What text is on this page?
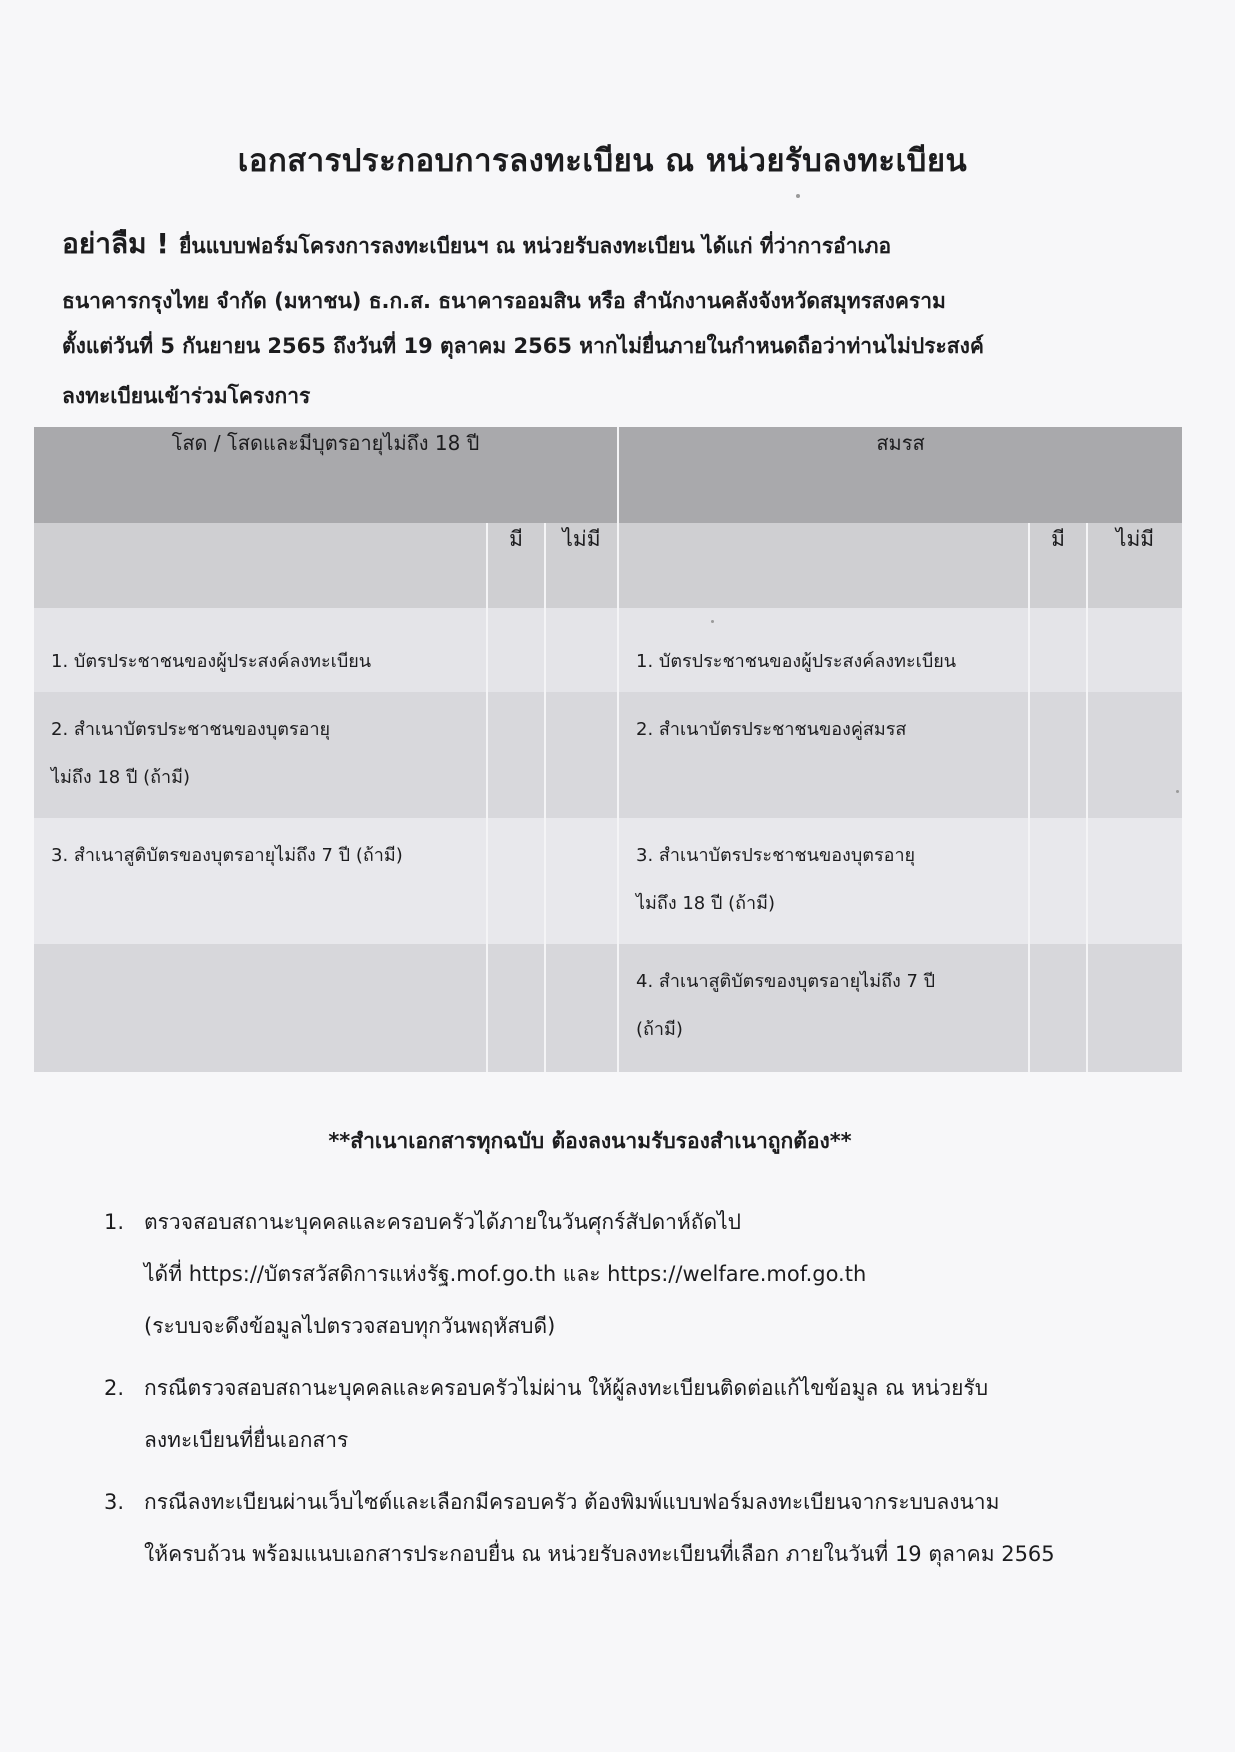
เอกสารประกอบการลงทะเบียน ณ หน่วยรับลงทะเบียน
อย่าลืม ! ยื่นแบบฟอร์มโครงการลงทะเบียนฯ ณ หน่วยรับลงทะเบียน ได้แก่ ที่ว่าการอำเภอ
ธนาคารกรุงไทย จำกัด (มหาชน) ธ.ก.ส. ธนาคารออมสิน หรือ สำนักงานคลังจังหวัดสมุทรสงคราม
ตั้งแต่วันที่ 5 กันยายน 2565 ถึงวันที่ 19 ตุลาคม 2565 หากไม่ยื่นภายในกำหนดถือว่าท่านไม่ประสงค์
ลงทะเบียนเข้าร่วมโครงการ
โสด / โสดและมีบุตรอายุไม่ถึง 18 ปี			สมรส		
	มี	ไม่มี		มี	ไม่มี

1. บัตรประชาชนของผู้ประสงค์ลงทะเบียน			1. บัตรประชาชนของผู้ประสงค์ลงทะเบียน		

2. สำเนาบัตรประชาชนของบุตรอายุ
ไม่ถึง 18 ปี (ถ้ามี)			2. สำเนาบัตรประชาชนของคู่สมรส		

3. สำเนาสูติบัตรของบุตรอายุไม่ถึง 7 ปี (ถ้ามี)			3. สำเนาบัตรประชาชนของบุตรอายุ
ไม่ถึง 18 ปี (ถ้ามี)		

			4. สำเนาสูติบัตรของบุตรอายุไม่ถึง 7 ปี
(ถ้ามี)		

**สำเนาเอกสารทุกฉบับ ต้องลงนามรับรองสำเนาถูกต้อง**
1. ตรวจสอบสถานะบุคคลและครอบครัวได้ภายในวันศุกร์สัปดาห์ถัดไป
ได้ที่ https://บัตรสวัสดิการแห่งรัฐ.mof.go.th และ https://welfare.mof.go.th
(ระบบจะดึงข้อมูลไปตรวจสอบทุกวันพฤหัสบดี)
2. กรณีตรวจสอบสถานะบุคคลและครอบครัวไม่ผ่าน ให้ผู้ลงทะเบียนติดต่อแก้ไขข้อมูล ณ หน่วยรับ
ลงทะเบียนที่ยื่นเอกสาร
3. กรณีลงทะเบียนผ่านเว็บไซต์และเลือกมีครอบครัว ต้องพิมพ์แบบฟอร์มลงทะเบียนจากระบบลงนาม
ให้ครบถ้วน พร้อมแนบเอกสารประกอบยื่น ณ หน่วยรับลงทะเบียนที่เลือก ภายในวันที่ 19 ตุลาคม 2565
